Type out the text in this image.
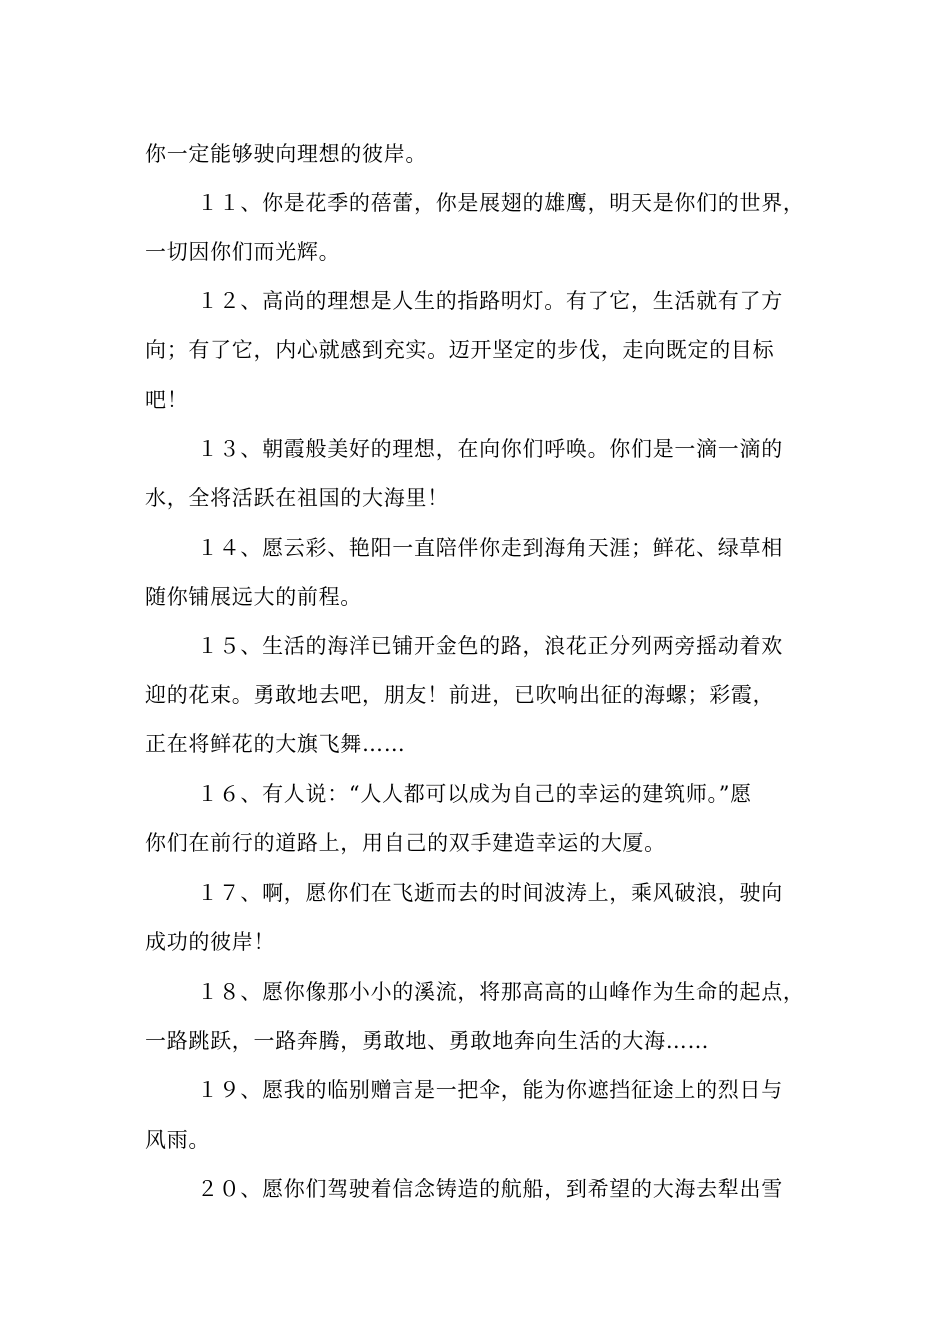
你一定能够驶向理想的彼岸。
１１、你是花季的蓓蕾，你是展翅的雄鹰，明天是你们的世界，
一切因你们而光辉。
１２、高尚的理想是人生的指路明灯。有了它，生活就有了方
向；有了它，内心就感到充实。迈开坚定的步伐，走向既定的目标
吧！
１３、朝霞般美好的理想，在向你们呼唤。你们是一滴一滴的
水，全将活跃在祖国的大海里！
１４、愿云彩、艳阳一直陪伴你走到海角天涯；鲜花、绿草相
随你铺展远大的前程。
１５、生活的海洋已铺开金色的路，浪花正分列两旁摇动着欢
迎的花束。勇敢地去吧，朋友！前进，已吹响出征的海螺；彩霞，
正在将鲜花的大旗飞舞……
１６、有人说：“人人都可以成为自己的幸运的建筑师。”愿
你们在前行的道路上，用自己的双手建造幸运的大厦。
１７、啊，愿你们在飞逝而去的时间波涛上，乘风破浪，驶向
成功的彼岸！
１８、愿你像那小小的溪流，将那高高的山峰作为生命的起点，
一路跳跃，一路奔腾，勇敢地、勇敢地奔向生活的大海……
１９、愿我的临别赠言是一把伞，能为你遮挡征途上的烈日与
风雨。
２０、愿你们驾驶着信念铸造的航船，到希望的大海去犁出雪
